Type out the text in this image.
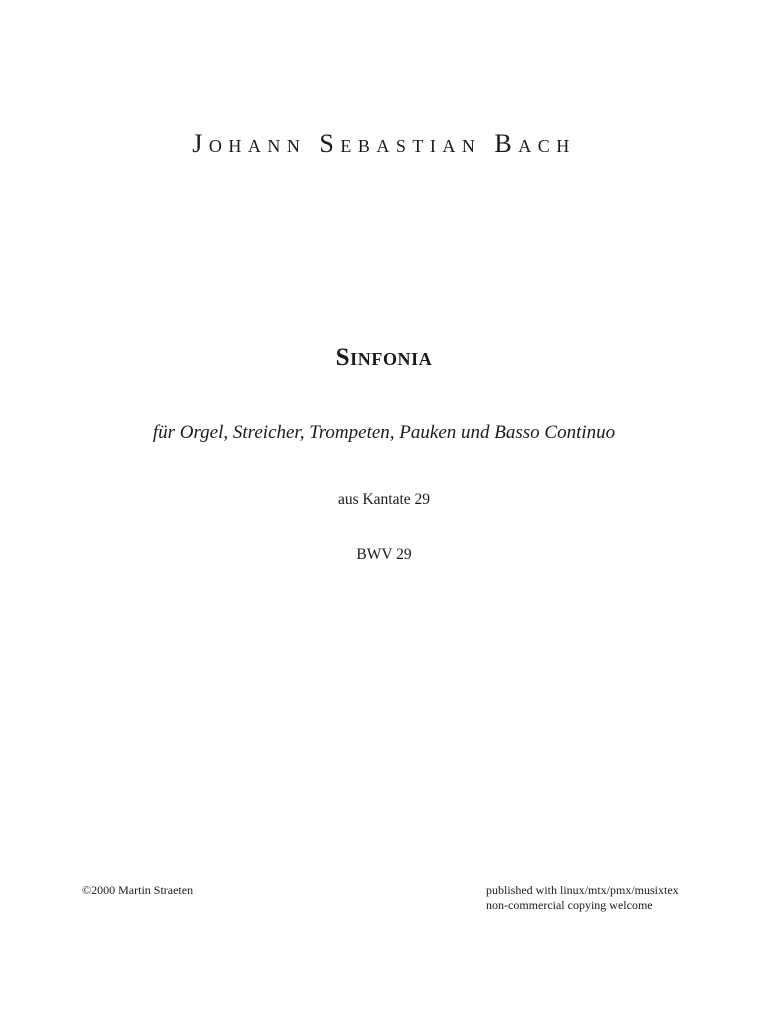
Johann Sebastian Bach
Sinfonia
für Orgel, Streicher, Trompeten, Pauken und Basso Continuo
aus Kantate 29
BWV 29
©2000 Martin Straeten	published with linux/mtx/pmx/musixtex
non-commercial copying welcome
